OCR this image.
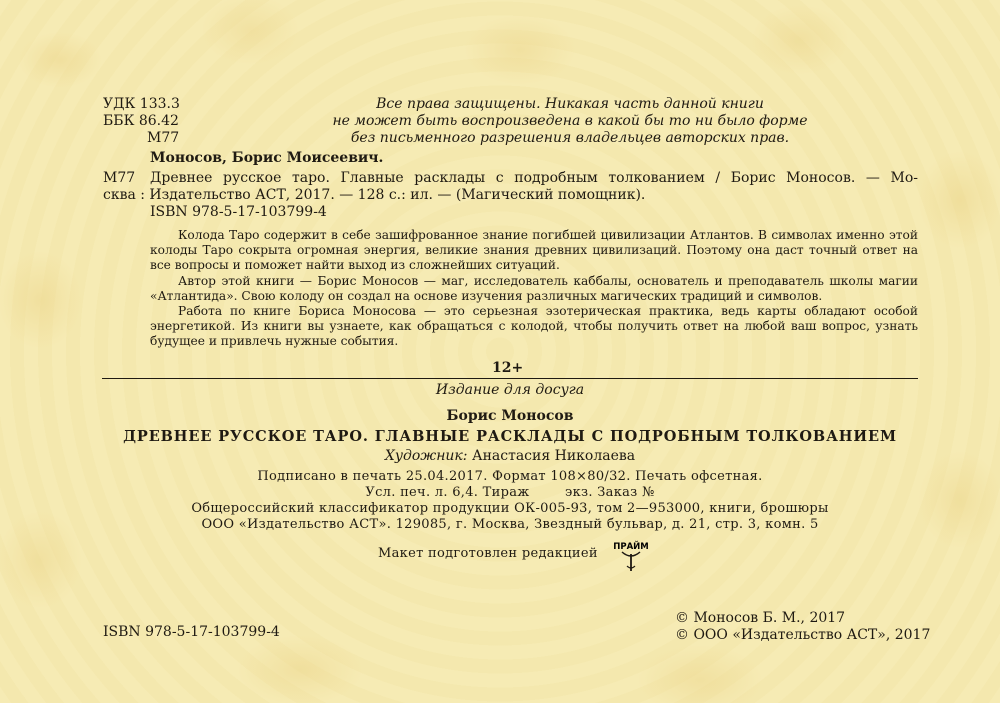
УДК 133.3
ББК 86.42
М77
Все права защищены. Никакая часть данной книги
не может быть воспроизведена в какой бы то ни было форме
без письменного разрешения владельцев авторских прав.
Моносов, Борис Моисеевич.
М77 Древнее русское таро. Главные расклады с подробным толкованием / Борис Моносов. — Мо-
сква : Издательство АСТ, 2017. — 128 с.: ил. — (Магический помощник).
ISBN 978-5-17-103799-4

Колода Таро содержит в себе зашифрованное знание погибшей цивилизации Атлантов. В символах именно этой колоды Таро сокрыта огромная энергия, великие знания древних цивилизаций. Поэтому она даст точный ответ на все вопросы и поможет найти выход из сложнейших ситуаций.

Автор этой книги — Борис Моносов — маг, исследователь каббалы, основатель и преподаватель школы магии «Атлантида». Свою колоду он создал на основе изучения различных магических традиций и символов.

Работа по книге Бориса Моносова — это серьезная эзотерическая практика, ведь карты обладают особой энергетикой. Из книги вы узнаете, как обращаться с колодой, чтобы получить ответ на любой ваш вопрос, узнать будущее и привлечь нужные события.

12+
Издание для досуга
Борис Моносов
ДРЕВНЕЕ РУССКОЕ ТАРО. ГЛАВНЫЕ РАСКЛАДЫ С ПОДРОБНЫМ ТОЛКОВАНИЕМ
Художник: Анастасия Николаева
Подписано в печать 25.04.2017. Формат 108×80/32. Печать офсетная.
Усл. печ. л. 6,4. Тираж        экз. Заказ №
Общероссийский классификатор продукции ОК-005-93, том 2—953000, книги, брошюры
ООО «Издательство АСТ». 129085, г. Москва, Звездный бульвар, д. 21, стр. 3, комн. 5
Макет подготовлен редакцией ПРАЙМ
ISBN 978-5-17-103799-4
© Моносов Б. М., 2017
© ООО «Издательство АСТ», 2017
